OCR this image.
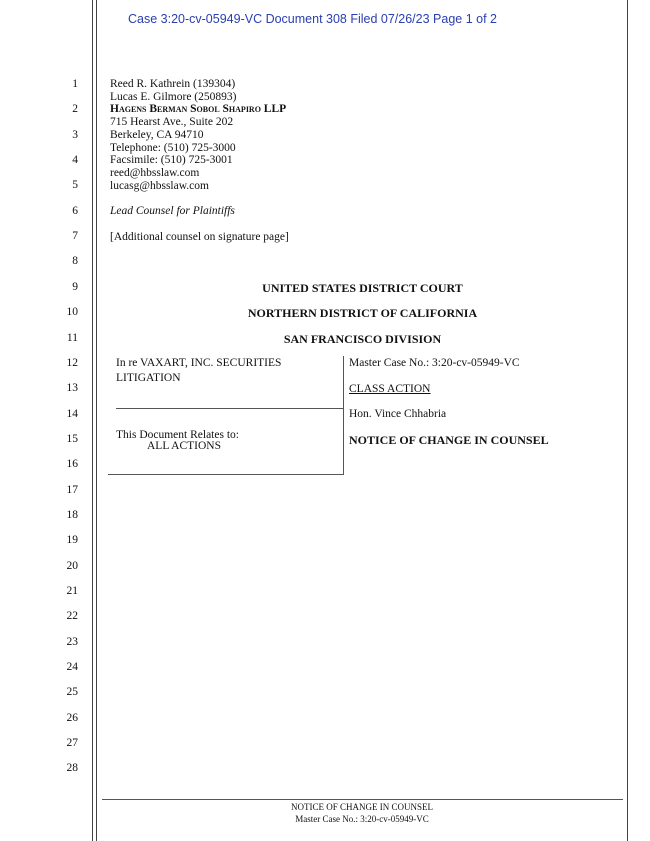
Case 3:20-cv-05949-VC Document 308 Filed 07/26/23 Page 1 of 2
1
2
3
4
5
6
7
8
9
10
11
12
13
14
15
16
17
18
19
20
21
22
23
24
25
26
27
28
Reed R. Kathrein (139304)
Lucas E. Gilmore (250893)
Hagens Berman Sobol Shapiro LLP
715 Hearst Ave., Suite 202
Berkeley, CA 94710
Telephone: (510) 725-3000
Facsimile: (510) 725-3001
reed@hbsslaw.com
lucasg@hbsslaw.com
Lead Counsel for Plaintiffs
[Additional counsel on signature page]
UNITED STATES DISTRICT COURT
NORTHERN DISTRICT OF CALIFORNIA
SAN FRANCISCO DIVISION
In re VAXART, INC. SECURITIES
LITIGATION
This Document Relates to:
ALL ACTIONS
Master Case No.: 3:20-cv-05949-VC
CLASS ACTION
Hon. Vince Chhabria
NOTICE OF CHANGE IN COUNSEL
NOTICE OF CHANGE IN COUNSEL
Master Case No.: 3:20-cv-05949-VC
